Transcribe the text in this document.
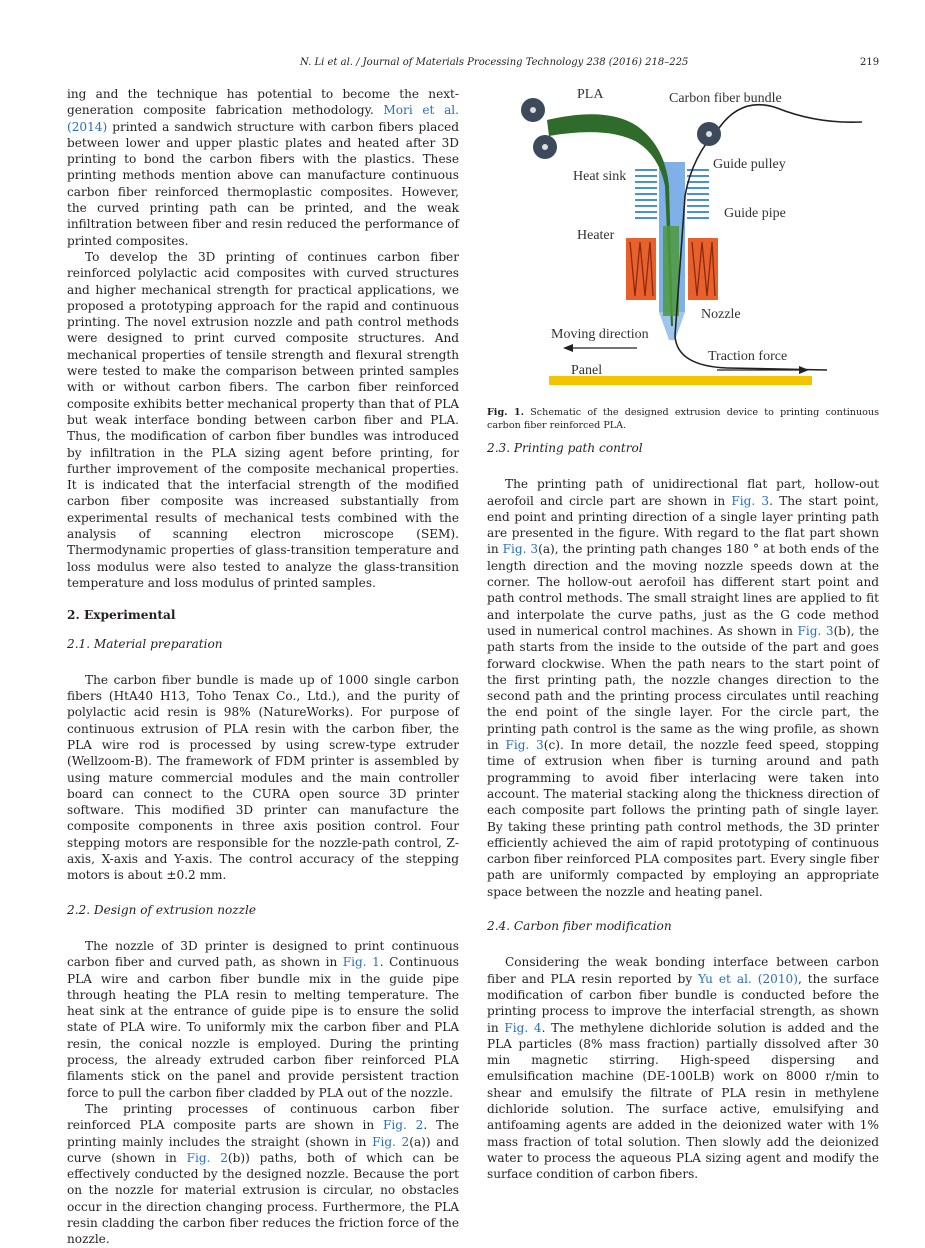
N. Li et al. / Journal of Materials Processing Technology 238 (2016) 218–225	219

ing and the technique has potential to become the next-generation composite fabrication methodology. Mori et al. (2014) printed a sandwich structure with carbon fibers placed between lower and upper plastic plates and heated after 3D printing to bond the carbon fibers with the plastics. These printing methods mention above can manufacture continuous carbon fiber reinforced thermoplastic composites. However, the curved printing path can be printed, and the weak infiltration between fiber and resin reduced the performance of printed composites.

To develop the 3D printing of continues carbon fiber reinforced polylactic acid composites with curved structures and higher mechanical strength for practical applications, we proposed a prototyping approach for the rapid and continuous printing. The novel extrusion nozzle and path control methods were designed to print curved composite structures. And mechanical properties of tensile strength and flexural strength were tested to make the comparison between printed samples with or without carbon fibers. The carbon fiber reinforced composite exhibits better mechanical property than that of PLA but weak interface bonding between carbon fiber and PLA. Thus, the modification of carbon fiber bundles was introduced by infiltration in the PLA sizing agent before printing, for further improvement of the composite mechanical properties. It is indicated that the interfacial strength of the modified carbon fiber composite was increased substantially from experimental results of mechanical tests combined with the analysis of scanning electron microscope (SEM). Thermodynamic properties of glass-transition temperature and loss modulus were also tested to analyze the glass-transition temperature and loss modulus of printed samples.

2. Experimental
2.1. Material preparation

The carbon fiber bundle is made up of 1000 single carbon fibers (HtA40 H13, Toho Tenax Co., Ltd.), and the purity of polylactic acid resin is 98% (NatureWorks). For purpose of continuous extrusion of PLA resin with the carbon fiber, the PLA wire rod is processed by using screw-type extruder (Wellzoom-B). The framework of FDM printer is assembled by using mature commercial modules and the main controller board can connect to the CURA open source 3D printer software. This modified 3D printer can manufacture the composite components in three axis position control. Four stepping motors are responsible for the nozzle-path control, Z-axis, X-axis and Y-axis. The control accuracy of the stepping motors is about ±0.2 mm.

2.2. Design of extrusion nozzle

The nozzle of 3D printer is designed to print continuous carbon fiber and curved path, as shown in Fig. 1. Continuous PLA wire and carbon fiber bundle mix in the guide pipe through heating the PLA resin to melting temperature. The heat sink at the entrance of guide pipe is to ensure the solid state of PLA wire. To uniformly mix the carbon fiber and PLA resin, the conical nozzle is employed. During the printing process, the already extruded carbon fiber reinforced PLA filaments stick on the panel and provide persistent traction force to pull the carbon fiber cladded by PLA out of the nozzle.

The printing processes of continuous carbon fiber reinforced PLA composite parts are shown in Fig. 2. The printing mainly includes the straight (shown in Fig. 2(a)) and curve (shown in Fig. 2(b)) paths, both of which can be effectively conducted by the designed nozzle. Because the port on the nozzle for material extrusion is circular, no obstacles occur in the direction changing process. Furthermore, the PLA resin cladding the carbon fiber reduces the friction force of the nozzle.

PLA	Carbon fiber bundle
Guide pulley
Heat sink
Guide pipe
Heater
Nozzle
Moving direction
Traction force
Panel
Fig. 1. Schematic of the designed extrusion device to printing continuous carbon fiber reinforced PLA.
2.3. Printing path control

The printing path of unidirectional flat part, hollow-out aerofoil and circle part are shown in Fig. 3. The start point, end point and printing direction of a single layer printing path are presented in the figure. With regard to the flat part shown in Fig. 3(a), the printing path changes 180 ° at both ends of the length direction and the moving nozzle speeds down at the corner. The hollow-out aerofoil has different start point and path control methods. The small straight lines are applied to fit and interpolate the curve paths, just as the G code method used in numerical control machines. As shown in Fig. 3(b), the path starts from the inside to the outside of the part and goes forward clockwise. When the path nears to the start point of the first printing path, the nozzle changes direction to the second path and the printing process circulates until reaching the end point of the single layer. For the circle part, the printing path control is the same as the wing profile, as shown in Fig. 3(c). In more detail, the nozzle feed speed, stopping time of extrusion when fiber is turning around and path programming to avoid fiber interlacing were taken into account. The material stacking along the thickness direction of each composite part follows the printing path of single layer. By taking these printing path control methods, the 3D printer efficiently achieved the aim of rapid prototyping of continuous carbon fiber reinforced PLA composites part. Every single fiber path are uniformly compacted by employing an appropriate space between the nozzle and heating panel.

2.4. Carbon fiber modification

Considering the weak bonding interface between carbon fiber and PLA resin reported by Yu et al. (2010), the surface modification of carbon fiber bundle is conducted before the printing process to improve the interfacial strength, as shown in Fig. 4. The methylene dichloride solution is added and the PLA particles (8% mass fraction) partially dissolved after 30 min magnetic stirring. High-speed dispersing and emulsification machine (DE-100LB) work on 8000 r/min to shear and emulsify the filtrate of PLA resin in methylene dichloride solution. The surface active, emulsifying and antifoaming agents are added in the deionized water with 1% mass fraction of total solution. Then slowly add the deionized water to process the aqueous PLA sizing agent and modify the surface condition of carbon fibers.
